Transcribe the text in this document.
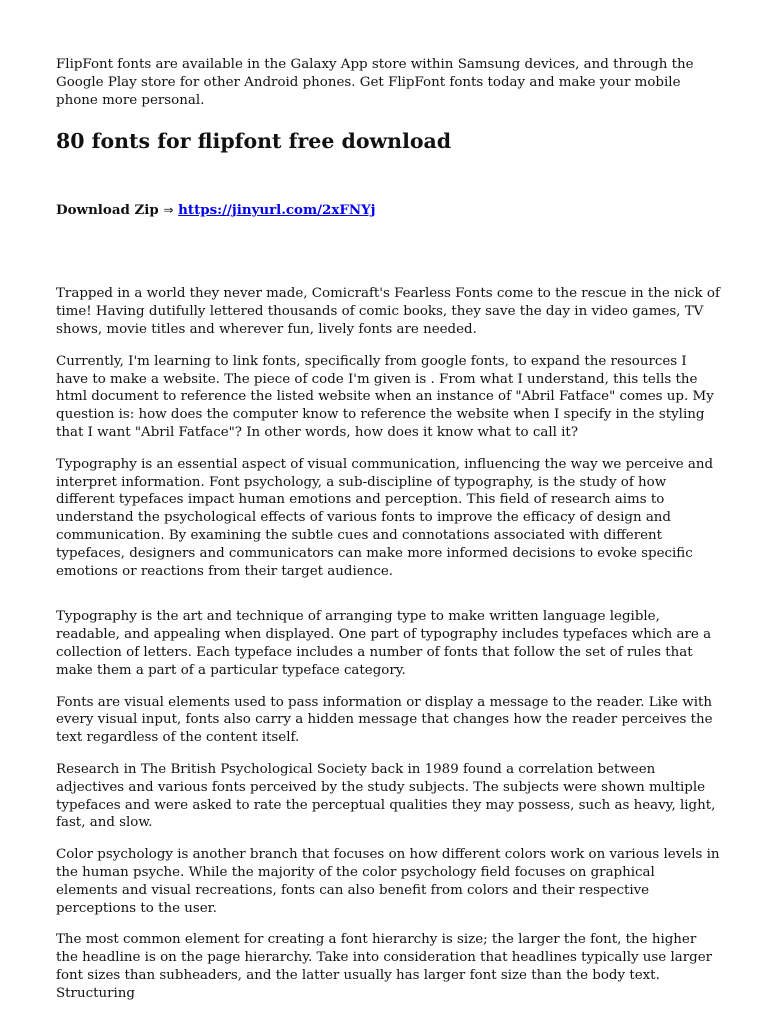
FlipFont fonts are available in the Galaxy App store within Samsung devices, and through the Google Play store for other Android phones. Get FlipFont fonts today and make your mobile phone more personal.

80 fonts for flipfont free download
Download Zip ⇒ https://jinyurl.com/2xFNYj

Trapped in a world they never made, Comicraft's Fearless Fonts come to the rescue in the nick of time! Having dutifully lettered thousands of comic books, they save the day in video games, TV shows, movie titles and wherever fun, lively fonts are needed.

Currently, I'm learning to link fonts, specifically from google fonts, to expand the resources I have to make a website. The piece of code I'm given is . From what I understand, this tells the html document to reference the listed website when an instance of "Abril Fatface" comes up. My question is: how does the computer know to reference the website when I specify in the styling that I want "Abril Fatface"? In other words, how does it know what to call it?

Typography is an essential aspect of visual communication, influencing the way we perceive and interpret information. Font psychology, a sub-discipline of typography, is the study of how different typefaces impact human emotions and perception. This field of research aims to understand the psychological effects of various fonts to improve the efficacy of design and communication. By examining the subtle cues and connotations associated with different typefaces, designers and communicators can make more informed decisions to evoke specific emotions or reactions from their target audience.

Typography is the art and technique of arranging type to make written language legible, readable, and appealing when displayed. One part of typography includes typefaces which are a collection of letters. Each typeface includes a number of fonts that follow the set of rules that make them a part of a particular typeface category.

Fonts are visual elements used to pass information or display a message to the reader. Like with every visual input, fonts also carry a hidden message that changes how the reader perceives the text regardless of the content itself.

Research in The British Psychological Society back in 1989 found a correlation between adjectives and various fonts perceived by the study subjects. The subjects were shown multiple typefaces and were asked to rate the perceptual qualities they may possess, such as heavy, light, fast, and slow.

Color psychology is another branch that focuses on how different colors work on various levels in the human psyche. While the majority of the color psychology field focuses on graphical elements and visual recreations, fonts can also benefit from colors and their respective perceptions to the user.

The most common element for creating a font hierarchy is size; the larger the font, the higher the headline is on the page hierarchy. Take into consideration that headlines typically use larger font sizes than subheaders, and the latter usually has larger font size than the body text. Structuring
